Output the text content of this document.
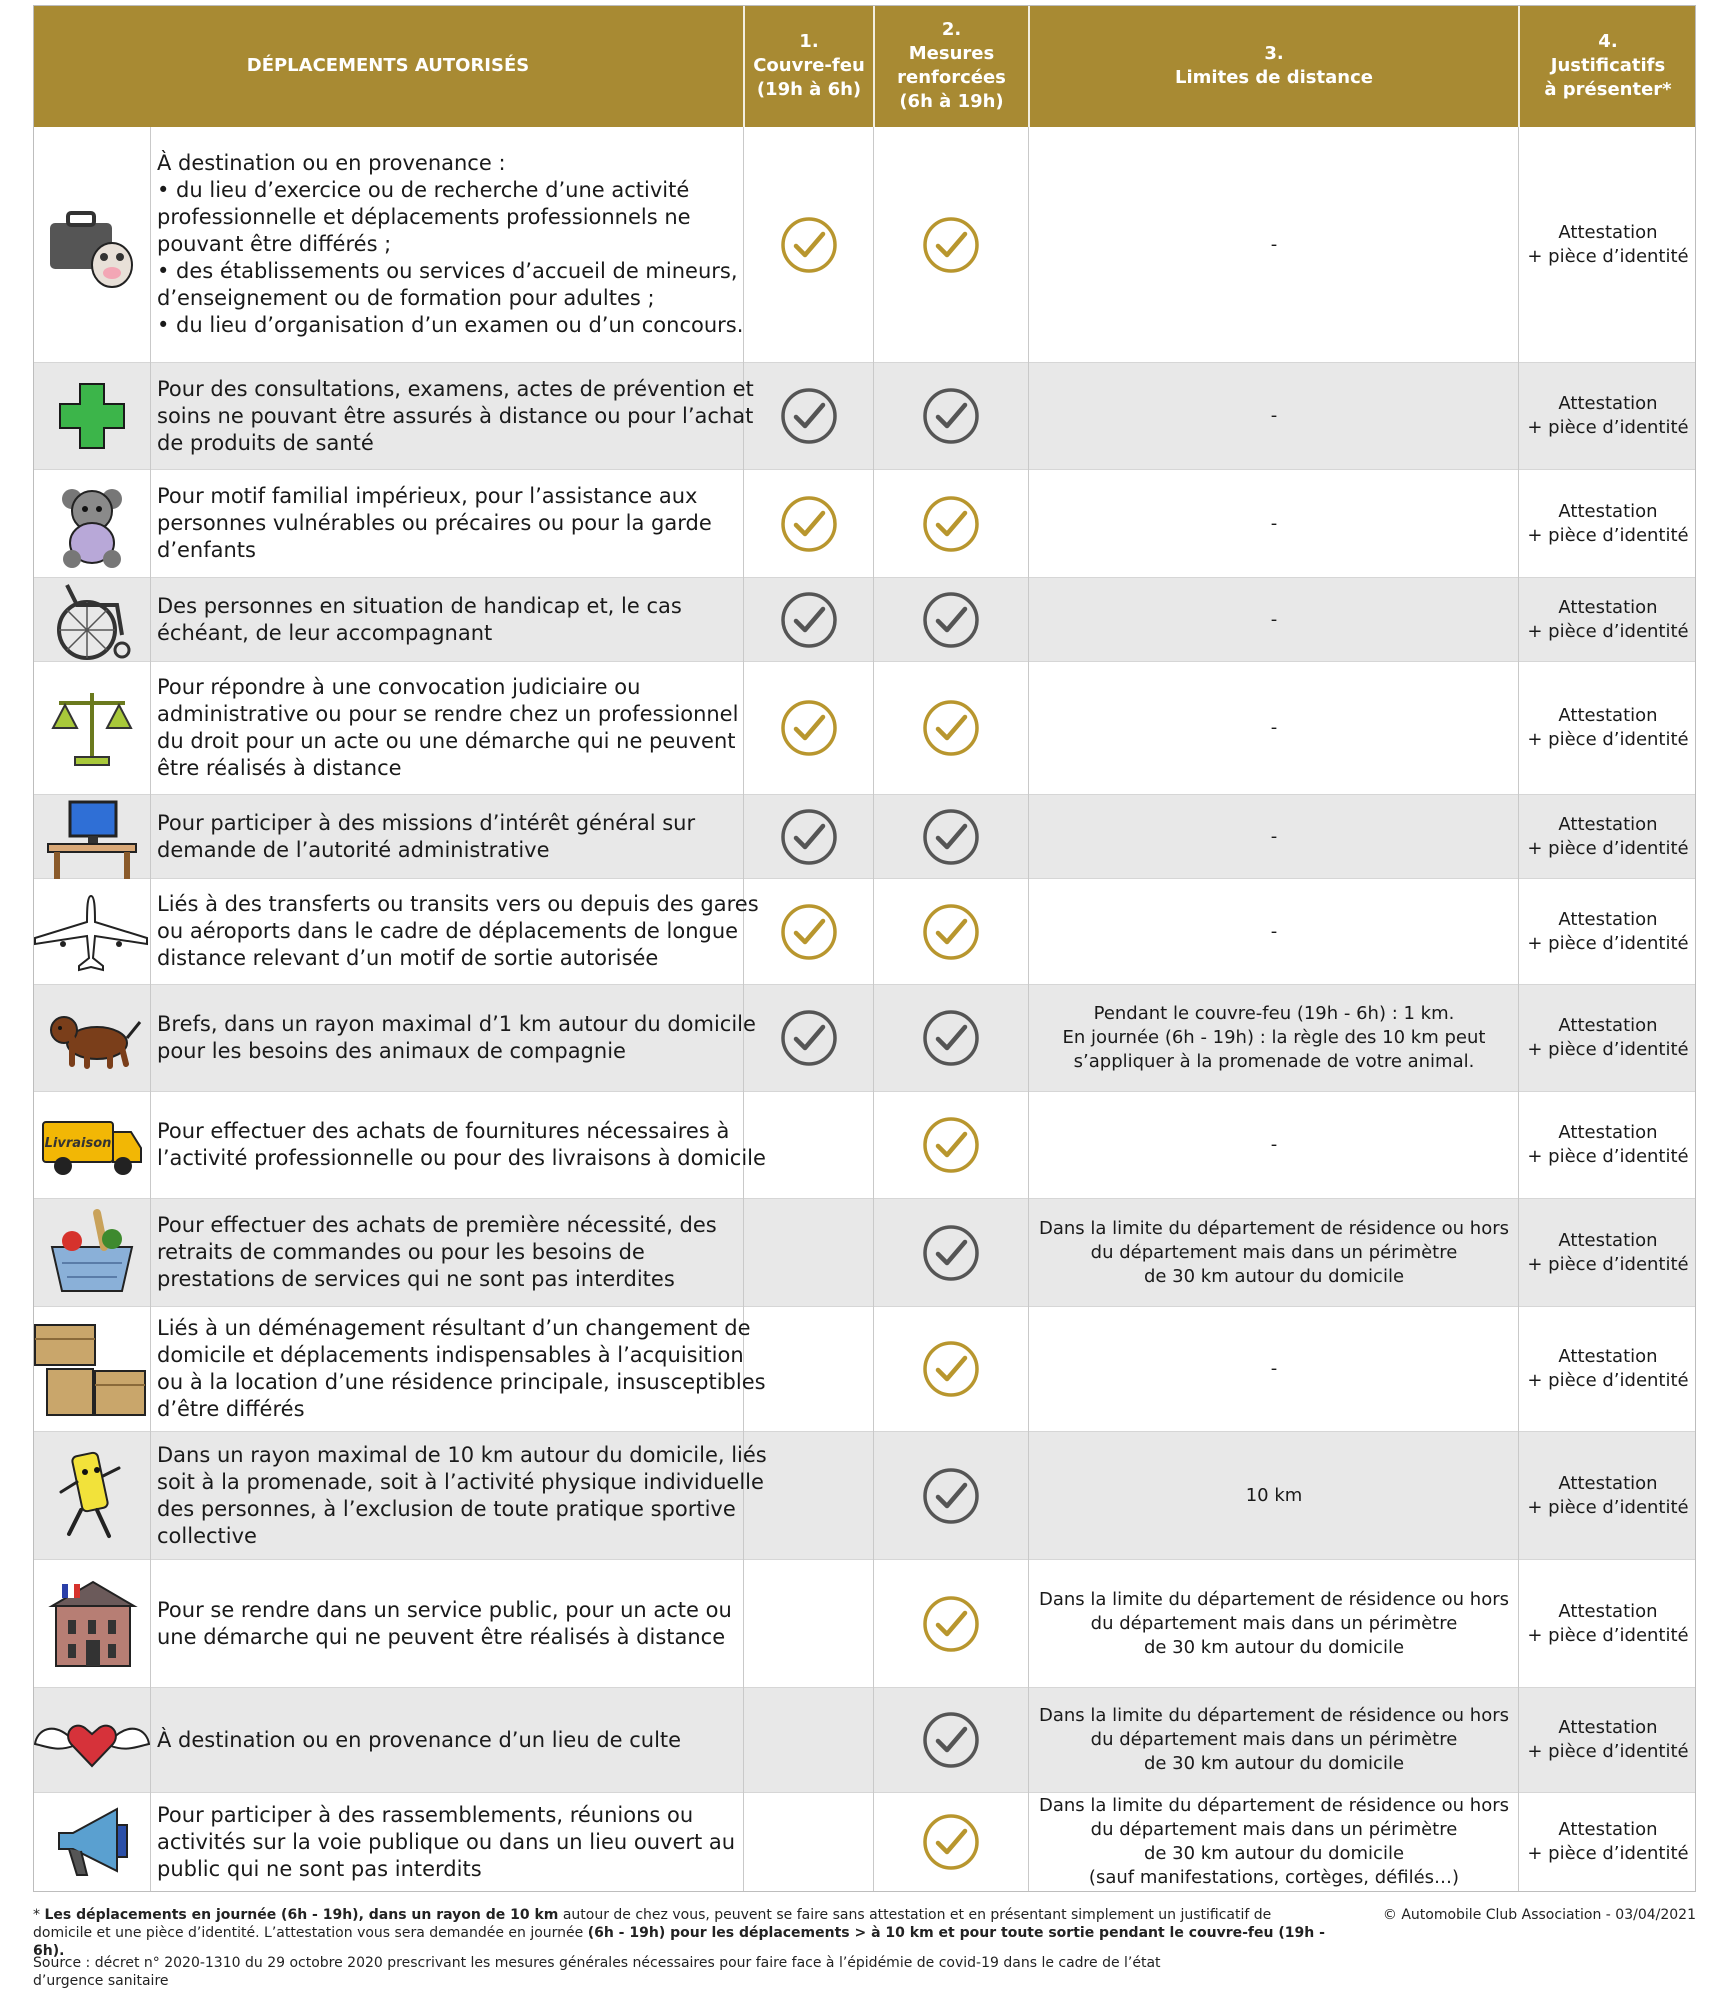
DÉPLACEMENTS AUTORISÉS
1.
Couvre-feu
(19h à 6h)
2.
Mesures
renforcées
(6h à 19h)
3.
Limites de distance
4.
Justificatifs
à présenter*
À destination ou en provenance :
• du lieu d’exercice ou de recherche d’une activité professionnelle et déplacements professionnels ne pouvant être différés ;
• des établissements ou services d’accueil de mineurs, d’enseignement ou de formation pour adultes ;
• du lieu d’organisation d’un examen ou d’un concours.
-
Attestation
+ pièce d’identité
Pour des consultations, examens, actes de prévention et soins ne pouvant être assurés à distance ou pour l’achat de produits de santé
-
Attestation
+ pièce d’identité
Pour motif familial impérieux, pour l’assistance aux personnes vulnérables ou précaires ou pour la garde d’enfants
-
Attestation
+ pièce d’identité
Des personnes en situation de handicap et, le cas échéant, de leur accompagnant
-
Attestation
+ pièce d’identité
Pour répondre à une convocation judiciaire ou administrative ou pour se rendre chez un professionnel du droit pour un acte ou une démarche qui ne peuvent être réalisés à distance
-
Attestation
+ pièce d’identité
Pour participer à des missions d’intérêt général sur demande de l’autorité administrative
-
Attestation
+ pièce d’identité
Liés à des transferts ou transits vers ou depuis des gares ou aéroports dans le cadre de déplacements de longue distance relevant d’un motif de sortie autorisée
-
Attestation
+ pièce d’identité
Brefs, dans un rayon maximal d’1 km autour du domicile pour les besoins des animaux de compagnie
Pendant le couvre-feu (19h - 6h) : 1 km.
En journée (6h - 19h) : la règle des 10 km peut
s’appliquer à la promenade de votre animal.
Attestation
+ pièce d’identité
Livraison
Pour effectuer des achats de fournitures nécessaires à l’activité professionnelle ou pour des livraisons à domicile
-
Attestation
+ pièce d’identité
Pour effectuer des achats de première nécessité, des retraits de commandes ou pour les besoins de prestations de services qui ne sont pas interdites
Dans la limite du département de résidence ou hors
du département mais dans un périmètre
de 30 km autour du domicile
Attestation
+ pièce d’identité
Liés à un déménagement résultant d’un changement de domicile et déplacements indispensables à l’acquisition ou à la location d’une résidence principale, insusceptibles d’être différés
-
Attestation
+ pièce d’identité
Dans un rayon maximal de 10 km autour du domicile, liés soit à la promenade, soit à l’activité physique individuelle des personnes, à l’exclusion de toute pratique sportive collective
10 km
Attestation
+ pièce d’identité
Pour se rendre dans un service public, pour un acte ou une démarche qui ne peuvent être réalisés à distance
Dans la limite du département de résidence ou hors
du département mais dans un périmètre
de 30 km autour du domicile
Attestation
+ pièce d’identité
À destination ou en provenance d’un lieu de culte
Dans la limite du département de résidence ou hors
du département mais dans un périmètre
de 30 km autour du domicile
Attestation
+ pièce d’identité
Pour participer à des rassemblements, réunions ou activités sur la voie publique ou dans un lieu ouvert au public qui ne sont pas interdits
Dans la limite du département de résidence ou hors
du département mais dans un périmètre
de 30 km autour du domicile
(sauf manifestations, cortèges, défilés…)
Attestation
+ pièce d’identité
* Les déplacements en journée (6h - 19h), dans un rayon de 10 km autour de chez vous, peuvent se faire sans attestation et en présentant simplement un justificatif de domicile et une pièce d’identité. L’attestation vous sera demandée en journée (6h - 19h) pour les déplacements > à 10 km et pour toute sortie pendant le couvre-feu (19h - 6h).
© Automobile Club Association - 03/04/2021
Source : décret n° 2020-1310 du 29 octobre 2020 prescrivant les mesures générales nécessaires pour faire face à l’épidémie de covid-19 dans le cadre de l’état d’urgence sanitaire
